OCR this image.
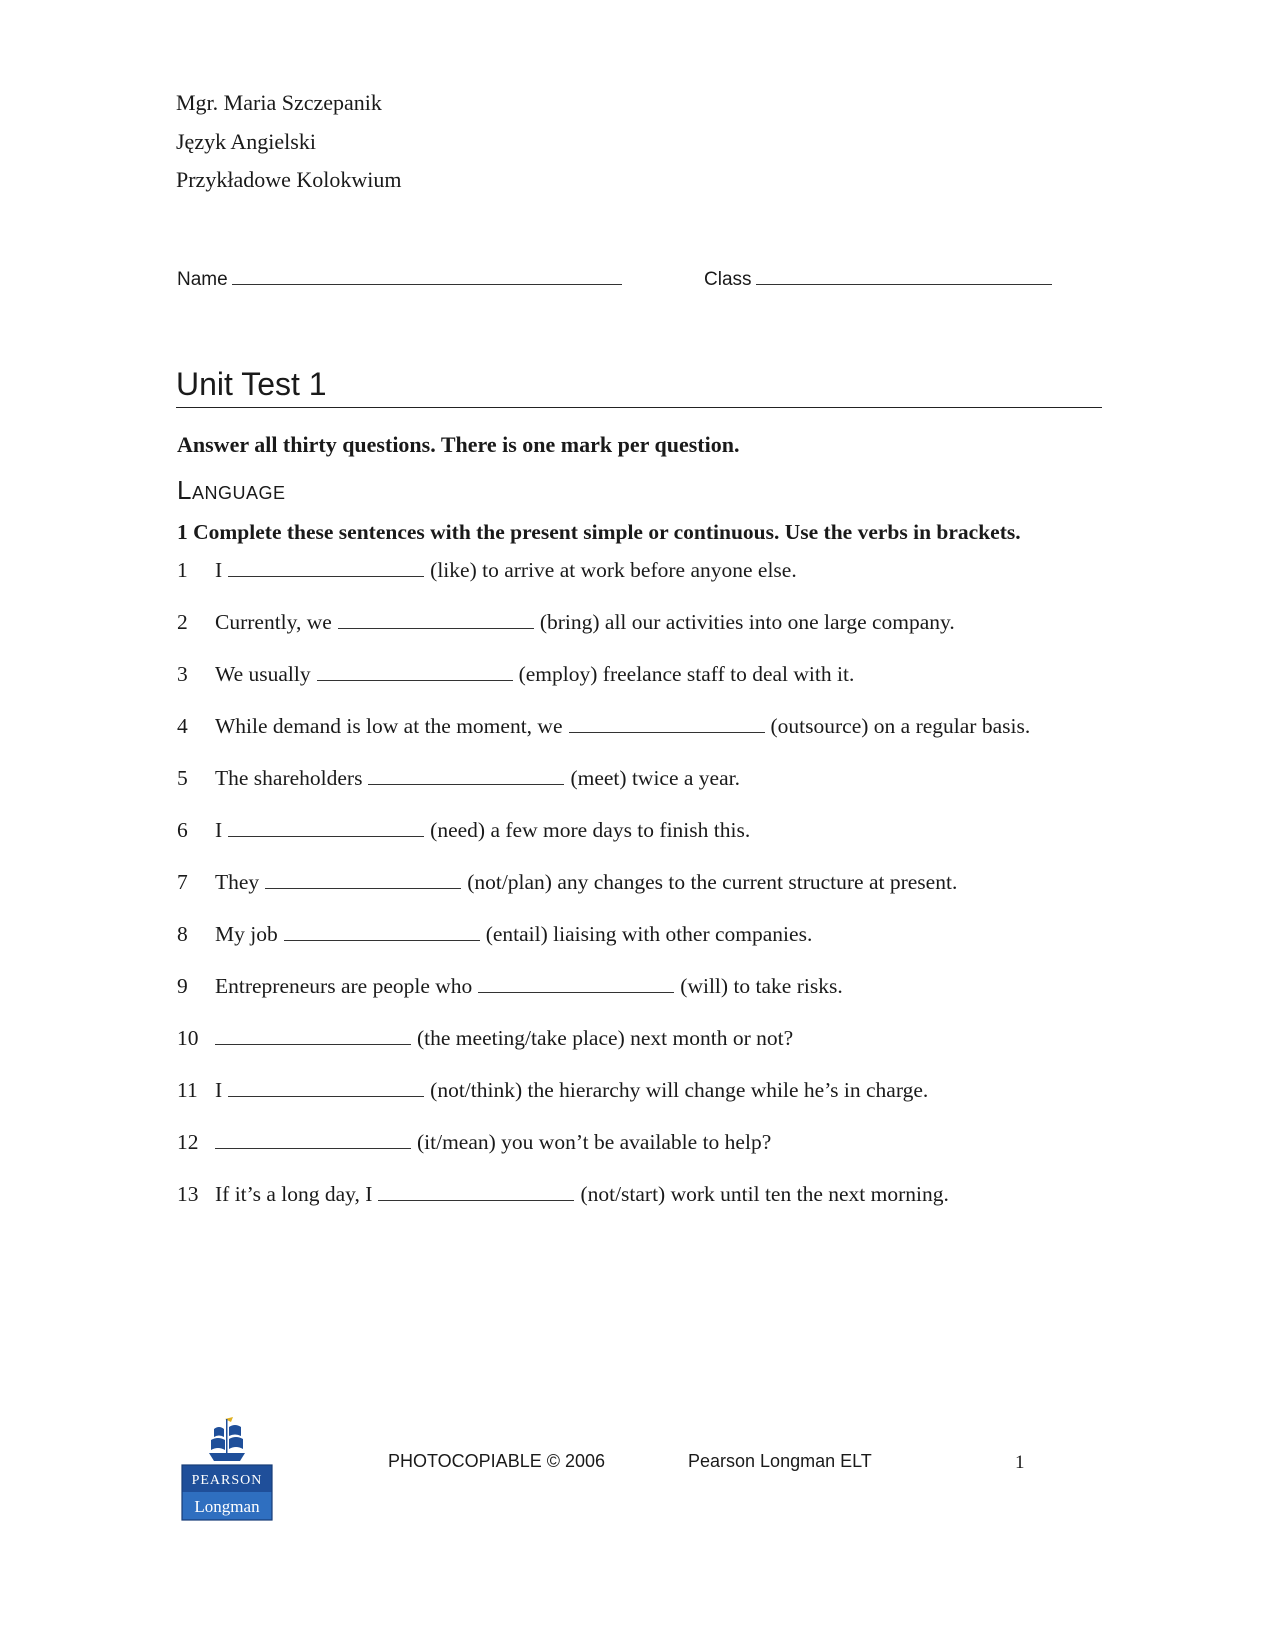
Mgr. Maria Szczepanik
Język Angielski
Przykładowe Kolokwium
Name	Class
Unit Test 1
Answer all thirty questions. There is one mark per question.
Language
1 Complete these sentences with the present simple or continuous. Use the verbs in brackets.
1	I	(like) to arrive at work before anyone else.
2	Currently, we	(bring) all our activities into one large company.
3	We usually	(employ) freelance staff to deal with it.
4	While demand is low at the moment, we	(outsource) on a regular basis.
5	The shareholders	(meet) twice a year.
6	I	(need) a few more days to finish this.
7	They	(not/plan) any changes to the current structure at present.
8	My job	(entail) liaising with other companies.
9	Entrepreneurs are people who	(will) to take risks.
10	(the meeting/take place) next month or not?
11 I	(not/think) the hierarchy will change while he’s in charge.
12	(it/mean) you won’t be available to help?
13 If it’s a long day, I	(not/start) work until ten the next morning.
PEARSON
Longman
PHOTOCOPIABLE © 2006	Pearson Longman ELT	1
